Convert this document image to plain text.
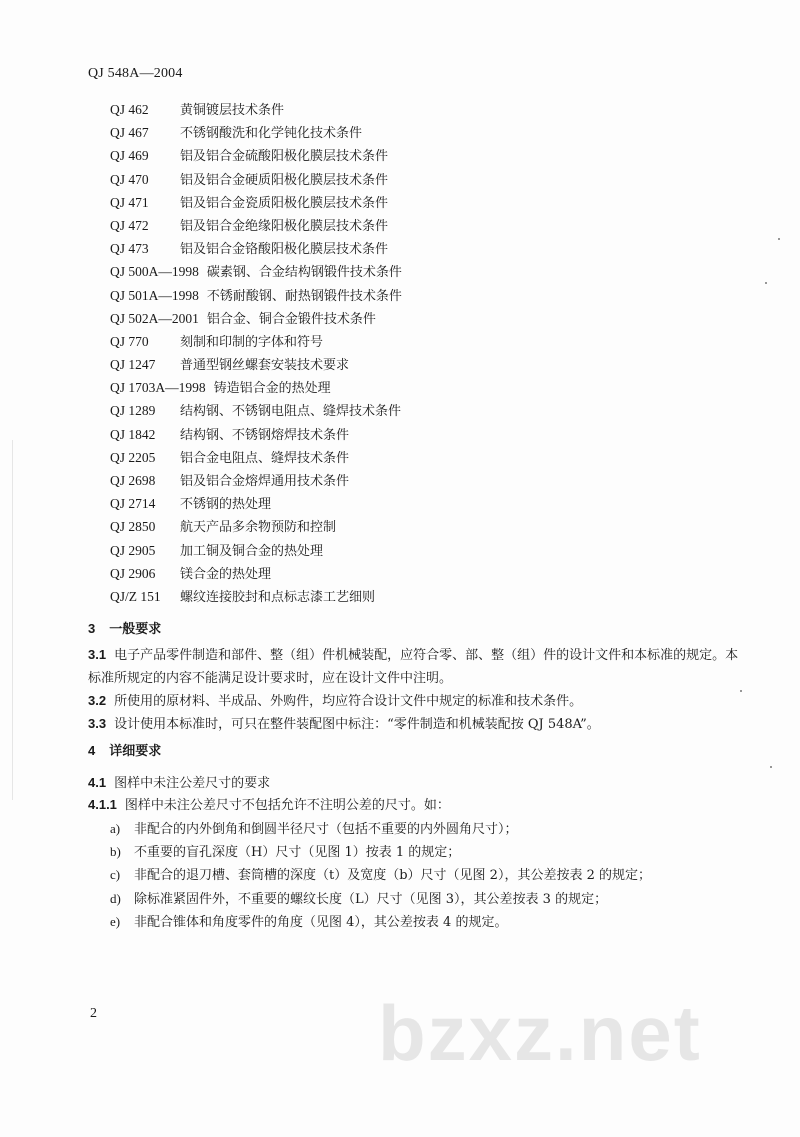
QJ 548A—2004
QJ 462 黄铜镀层技术条件
QJ 467 不锈钢酸洗和化学钝化技术条件
QJ 469 铝及铝合金硫酸阳极化膜层技术条件
QJ 470 铝及铝合金硬质阳极化膜层技术条件
QJ 471 铝及铝合金瓷质阳极化膜层技术条件
QJ 472 铝及铝合金绝缘阳极化膜层技术条件
QJ 473 铝及铝合金铬酸阳极化膜层技术条件
QJ 500A—1998 碳素钢、合金结构钢锻件技术条件
QJ 501A—1998 不锈耐酸钢、耐热钢锻件技术条件
QJ 502A—2001 铝合金、铜合金锻件技术条件
QJ 770 刻制和印制的字体和符号
QJ 1247 普通型钢丝螺套安装技术要求
QJ 1703A—1998 铸造铝合金的热处理
QJ 1289 结构钢、不锈钢电阻点、缝焊技术条件
QJ 1842 结构钢、不锈钢熔焊技术条件
QJ 2205 铝合金电阻点、缝焊技术条件
QJ 2698 铝及铝合金熔焊通用技术条件
QJ 2714 不锈钢的热处理
QJ 2850 航天产品多余物预防和控制
QJ 2905 加工铜及铜合金的热处理
QJ 2906 镁合金的热处理
QJ/Z 151 螺纹连接胶封和点标志漆工艺细则
3 一般要求
3.1 电子产品零件制造和部件、整（组）件机械装配，应符合零、部、整（组）件的设计文件和本标准的规定。本标准所规定的内容不能满足设计要求时，应在设计文件中注明。
3.2 所使用的原材料、半成品、外购件，均应符合设计文件中规定的标准和技术条件。
3.3 设计使用本标准时，可只在整件装配图中标注：“零件制造和机械装配按 QJ 548A”。
4 详细要求
4.1 图样中未注公差尺寸的要求
4.1.1 图样中未注公差尺寸不包括允许不注明公差的尺寸。如：
a) 非配合的内外倒角和倒圆半径尺寸（包括不重要的内外圆角尺寸）；
b) 不重要的盲孔深度（H）尺寸（见图 1）按表 1 的规定；
c) 非配合的退刀槽、套筒槽的深度（t）及宽度（b）尺寸（见图 2），其公差按表 2 的规定；
d) 除标准紧固件外，不重要的螺纹长度（L）尺寸（见图 3），其公差按表 3 的规定；
e) 非配合锥体和角度零件的角度（见图 4），其公差按表 4 的规定。
2	bzxz.net
